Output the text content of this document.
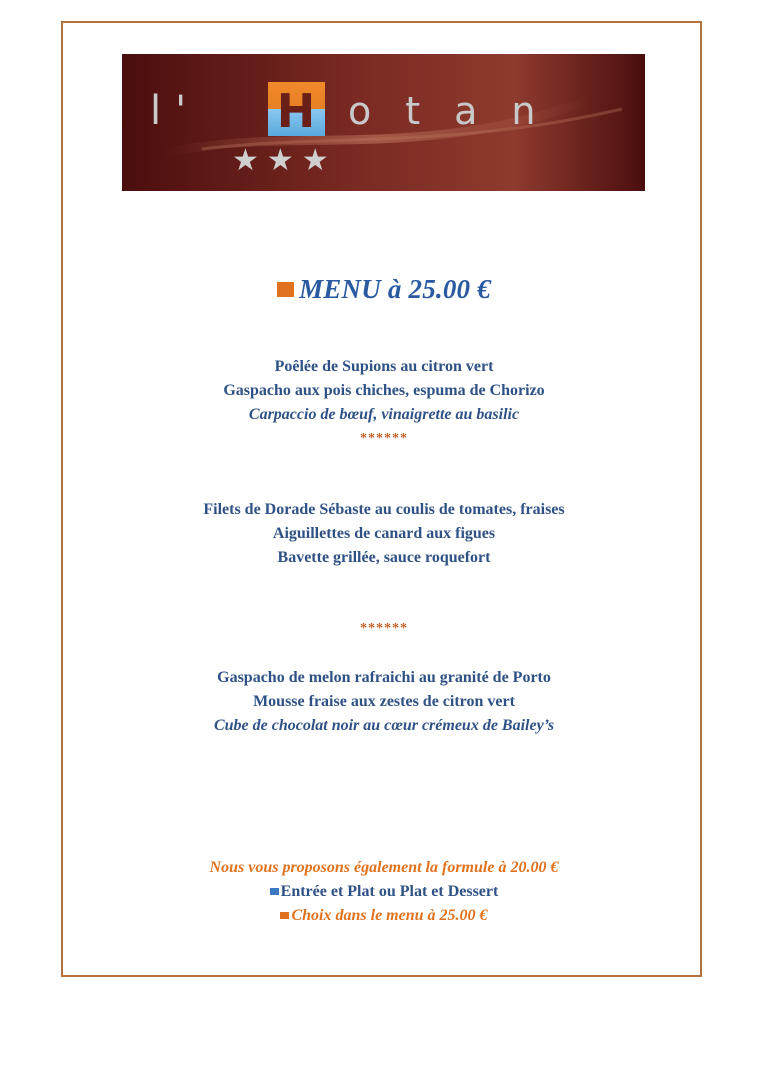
l' H otan
★★★
MENU à 25.00 €
Poêlée de Supions au citron vert
Gaspacho aux pois chiches, espuma de Chorizo
Carpaccio de bœuf, vinaigrette au basilic
******
Filets de Dorade Sébaste au coulis de tomates, fraises
Aiguillettes de canard aux figues
Bavette grillée, sauce roquefort
******
Gaspacho de melon rafraichi au granité de Porto
Mousse fraise aux zestes de citron vert
Cube de chocolat noir au cœur crémeux de Bailey’s
Nous vous proposons également la formule à 20.00 €
Entrée et Plat ou Plat et Dessert
Choix dans le menu à 25.00 €
